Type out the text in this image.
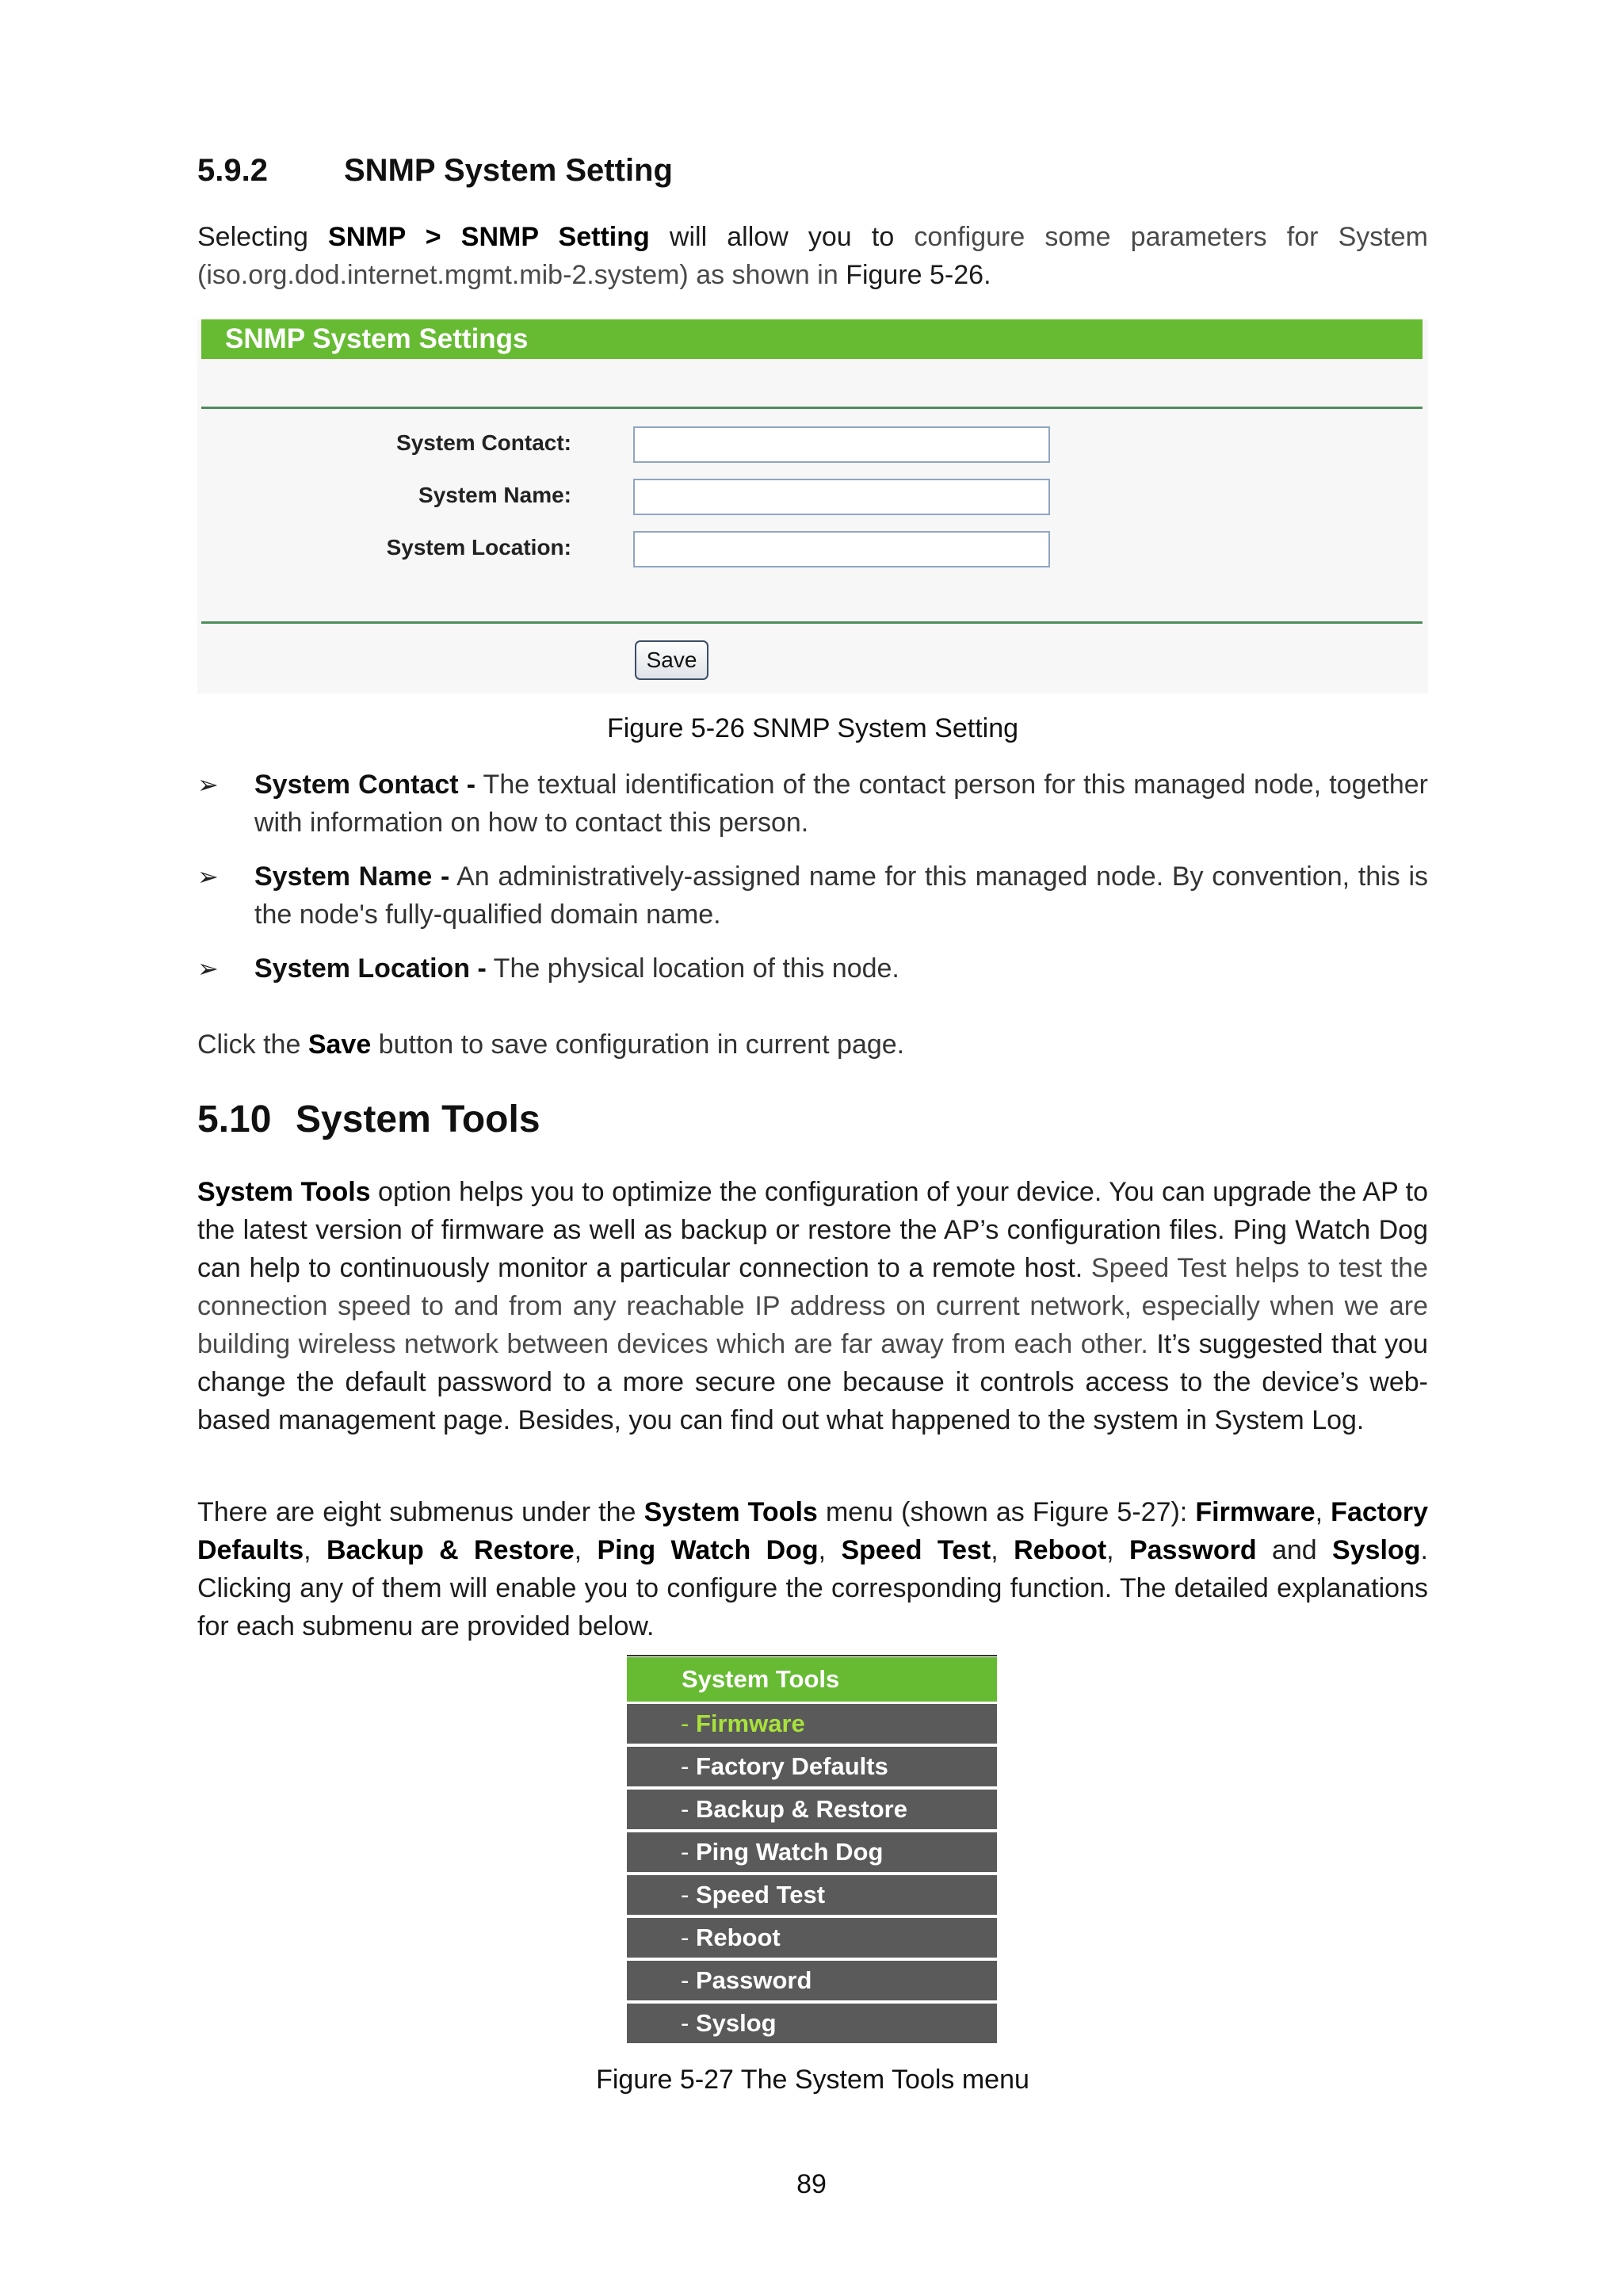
5.9.2 SNMP System Setting
Selecting SNMP > SNMP Setting will allow you to configure some parameters for System (iso.org.dod.internet.mgmt.mib-2.system) as shown in Figure 5-26.
SNMP System Settings
System Contact:
System Name:
System Location:
Save
Figure 5-26 SNMP System Setting
➢ System Contact - The textual identification of the contact person for this managed node, together with information on how to contact this person.
➢ System Name - An administratively-assigned name for this managed node. By convention, this is the node's fully-qualified domain name.
➢ System Location - The physical location of this node.
Click the Save button to save configuration in current page.
5.10 System Tools
System Tools option helps you to optimize the configuration of your device. You can upgrade the AP to the latest version of firmware as well as backup or restore the AP’s configuration files. Ping Watch Dog can help to continuously monitor a particular connection to a remote host. Speed Test helps to test the connection speed to and from any reachable IP address on current network, especially when we are building wireless network between devices which are far away from each other. It’s suggested that you change the default password to a more secure one because it controls access to the device’s web-based management page. Besides, you can find out what happened to the system in System Log.
There are eight submenus under the System Tools menu (shown as Figure 5-27): Firmware, Factory Defaults, Backup & Restore, Ping Watch Dog, Speed Test, Reboot, Password and Syslog. Clicking any of them will enable you to configure the corresponding function. The detailed explanations for each submenu are provided below.
System Tools
- Firmware
- Factory Defaults
- Backup & Restore
- Ping Watch Dog
- Speed Test
- Reboot
- Password
- Syslog
Figure 5-27 The System Tools menu
89
